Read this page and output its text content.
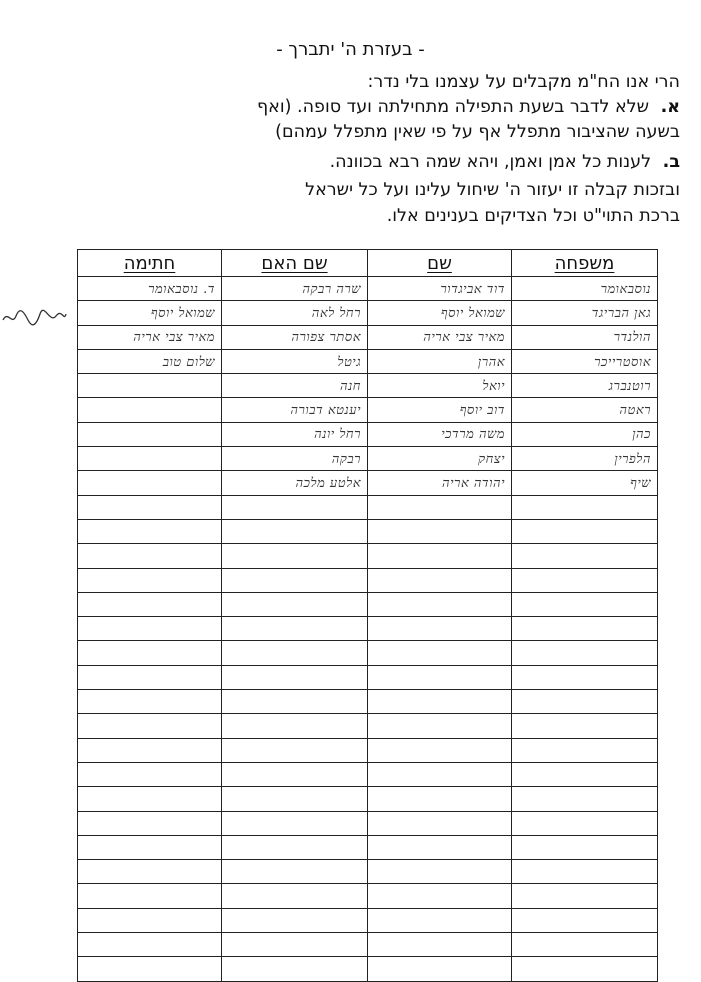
- בעזרת ה' יתברך -
הרי אנו הח"מ מקבלים על עצמנו בלי נדר:
א. שלא לדבר בשעת התפילה מתחילתה ועד סופה. (ואף
בשעה שהציבור מתפלל אף על פי שאין מתפלל עמהם)
ב. לענות כל אמן ואמן, ויהא שמה רבא בכוונה.
ובזכות קבלה זו יעזור ה' שיחול עלינו ועל כל ישראל
ברכת התוי"ט וכל הצדיקים בענינים אלו.
משפחה	שם	שם האם	חתימה
נוסבאומר	דוד אביגדור	שרה רבקה	ד. נוסבאומר
גאן הבריגד	שמואל יוסף	רחל לאה	שמואל יוסף
הולנדר	מאיר צבי אריה	אסתר צפורה	מאיר צבי אריה
אוסטרייכר	אהרן	גיטל	שלום טוב
רוטנברג	יואל	חנה	
ראטה	דוב יוסף	יענטא דבורה	
כהן	משה מרדכי	רחל יונה	
הלפרין	יצחק	רבקה	
שיף	יהודה אריה	אלטע מלכה	
